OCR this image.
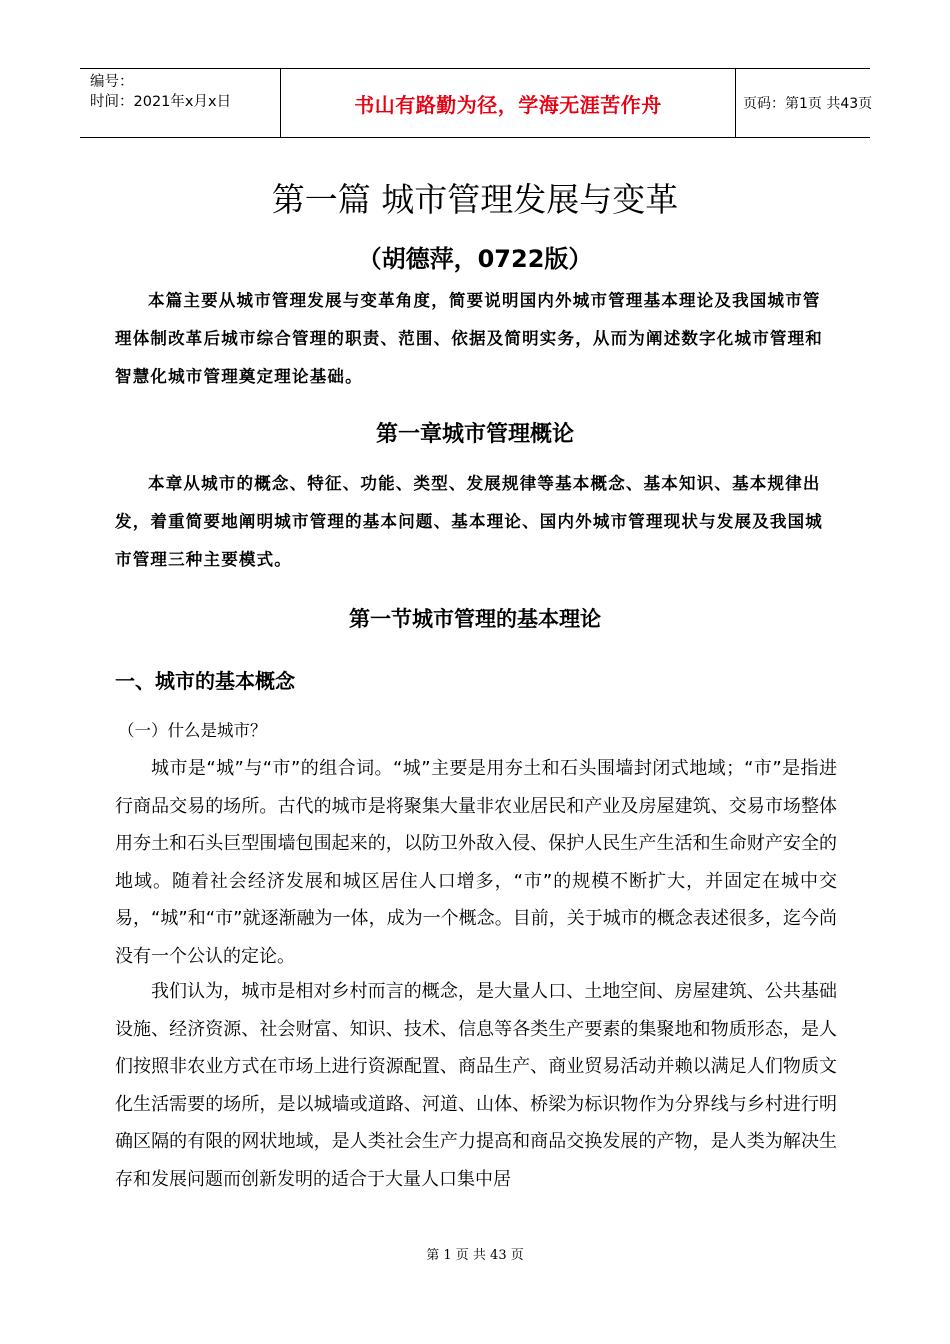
编号：
时间：2021年x月x日	书山有路勤为径，学海无涯苦作舟	页码：第1页 共43页
第一篇 城市管理发展与变革
（胡德萍，0722版）
本篇主要从城市管理发展与变革角度，简要说明国内外城市管理基本理论及我国城市管理体制改革后城市综合管理的职责、范围、依据及简明实务，从而为阐述数字化城市管理和智慧化城市管理奠定理论基础。
第一章城市管理概论
本章从城市的概念、特征、功能、类型、发展规律等基本概念、基本知识、基本规律出发，着重简要地阐明城市管理的基本问题、基本理论、国内外城市管理现状与发展及我国城市管理三种主要模式。
第一节城市管理的基本理论
一、城市的基本概念
（一）什么是城市？
城市是“城”与“市”的组合词。“城”主要是用夯土和石头围墙封闭式地域；“市”是指进行商品交易的场所。古代的城市是将聚集大量非农业居民和产业及房屋建筑、交易市场整体用夯土和石头巨型围墙包围起来的，以防卫外敌入侵、保护人民生产生活和生命财产安全的地域。随着社会经济发展和城区居住人口增多，“市”的规模不断扩大，并固定在城中交易，“城”和“市”就逐渐融为一体，成为一个概念。目前，关于城市的概念表述很多，迄今尚没有一个公认的定论。
我们认为，城市是相对乡村而言的概念，是大量人口、土地空间、房屋建筑、公共基础设施、经济资源、社会财富、知识、技术、信息等各类生产要素的集聚地和物质形态，是人们按照非农业方式在市场上进行资源配置、商品生产、商业贸易活动并赖以满足人们物质文化生活需要的场所，是以城墙或道路、河道、山体、桥梁为标识物作为分界线与乡村进行明确区隔的有限的网状地域，是人类社会生产力提高和商品交换发展的产物，是人类为解决生存和发展问题而创新发明的适合于大量人口集中居
第 1 页 共 43 页
